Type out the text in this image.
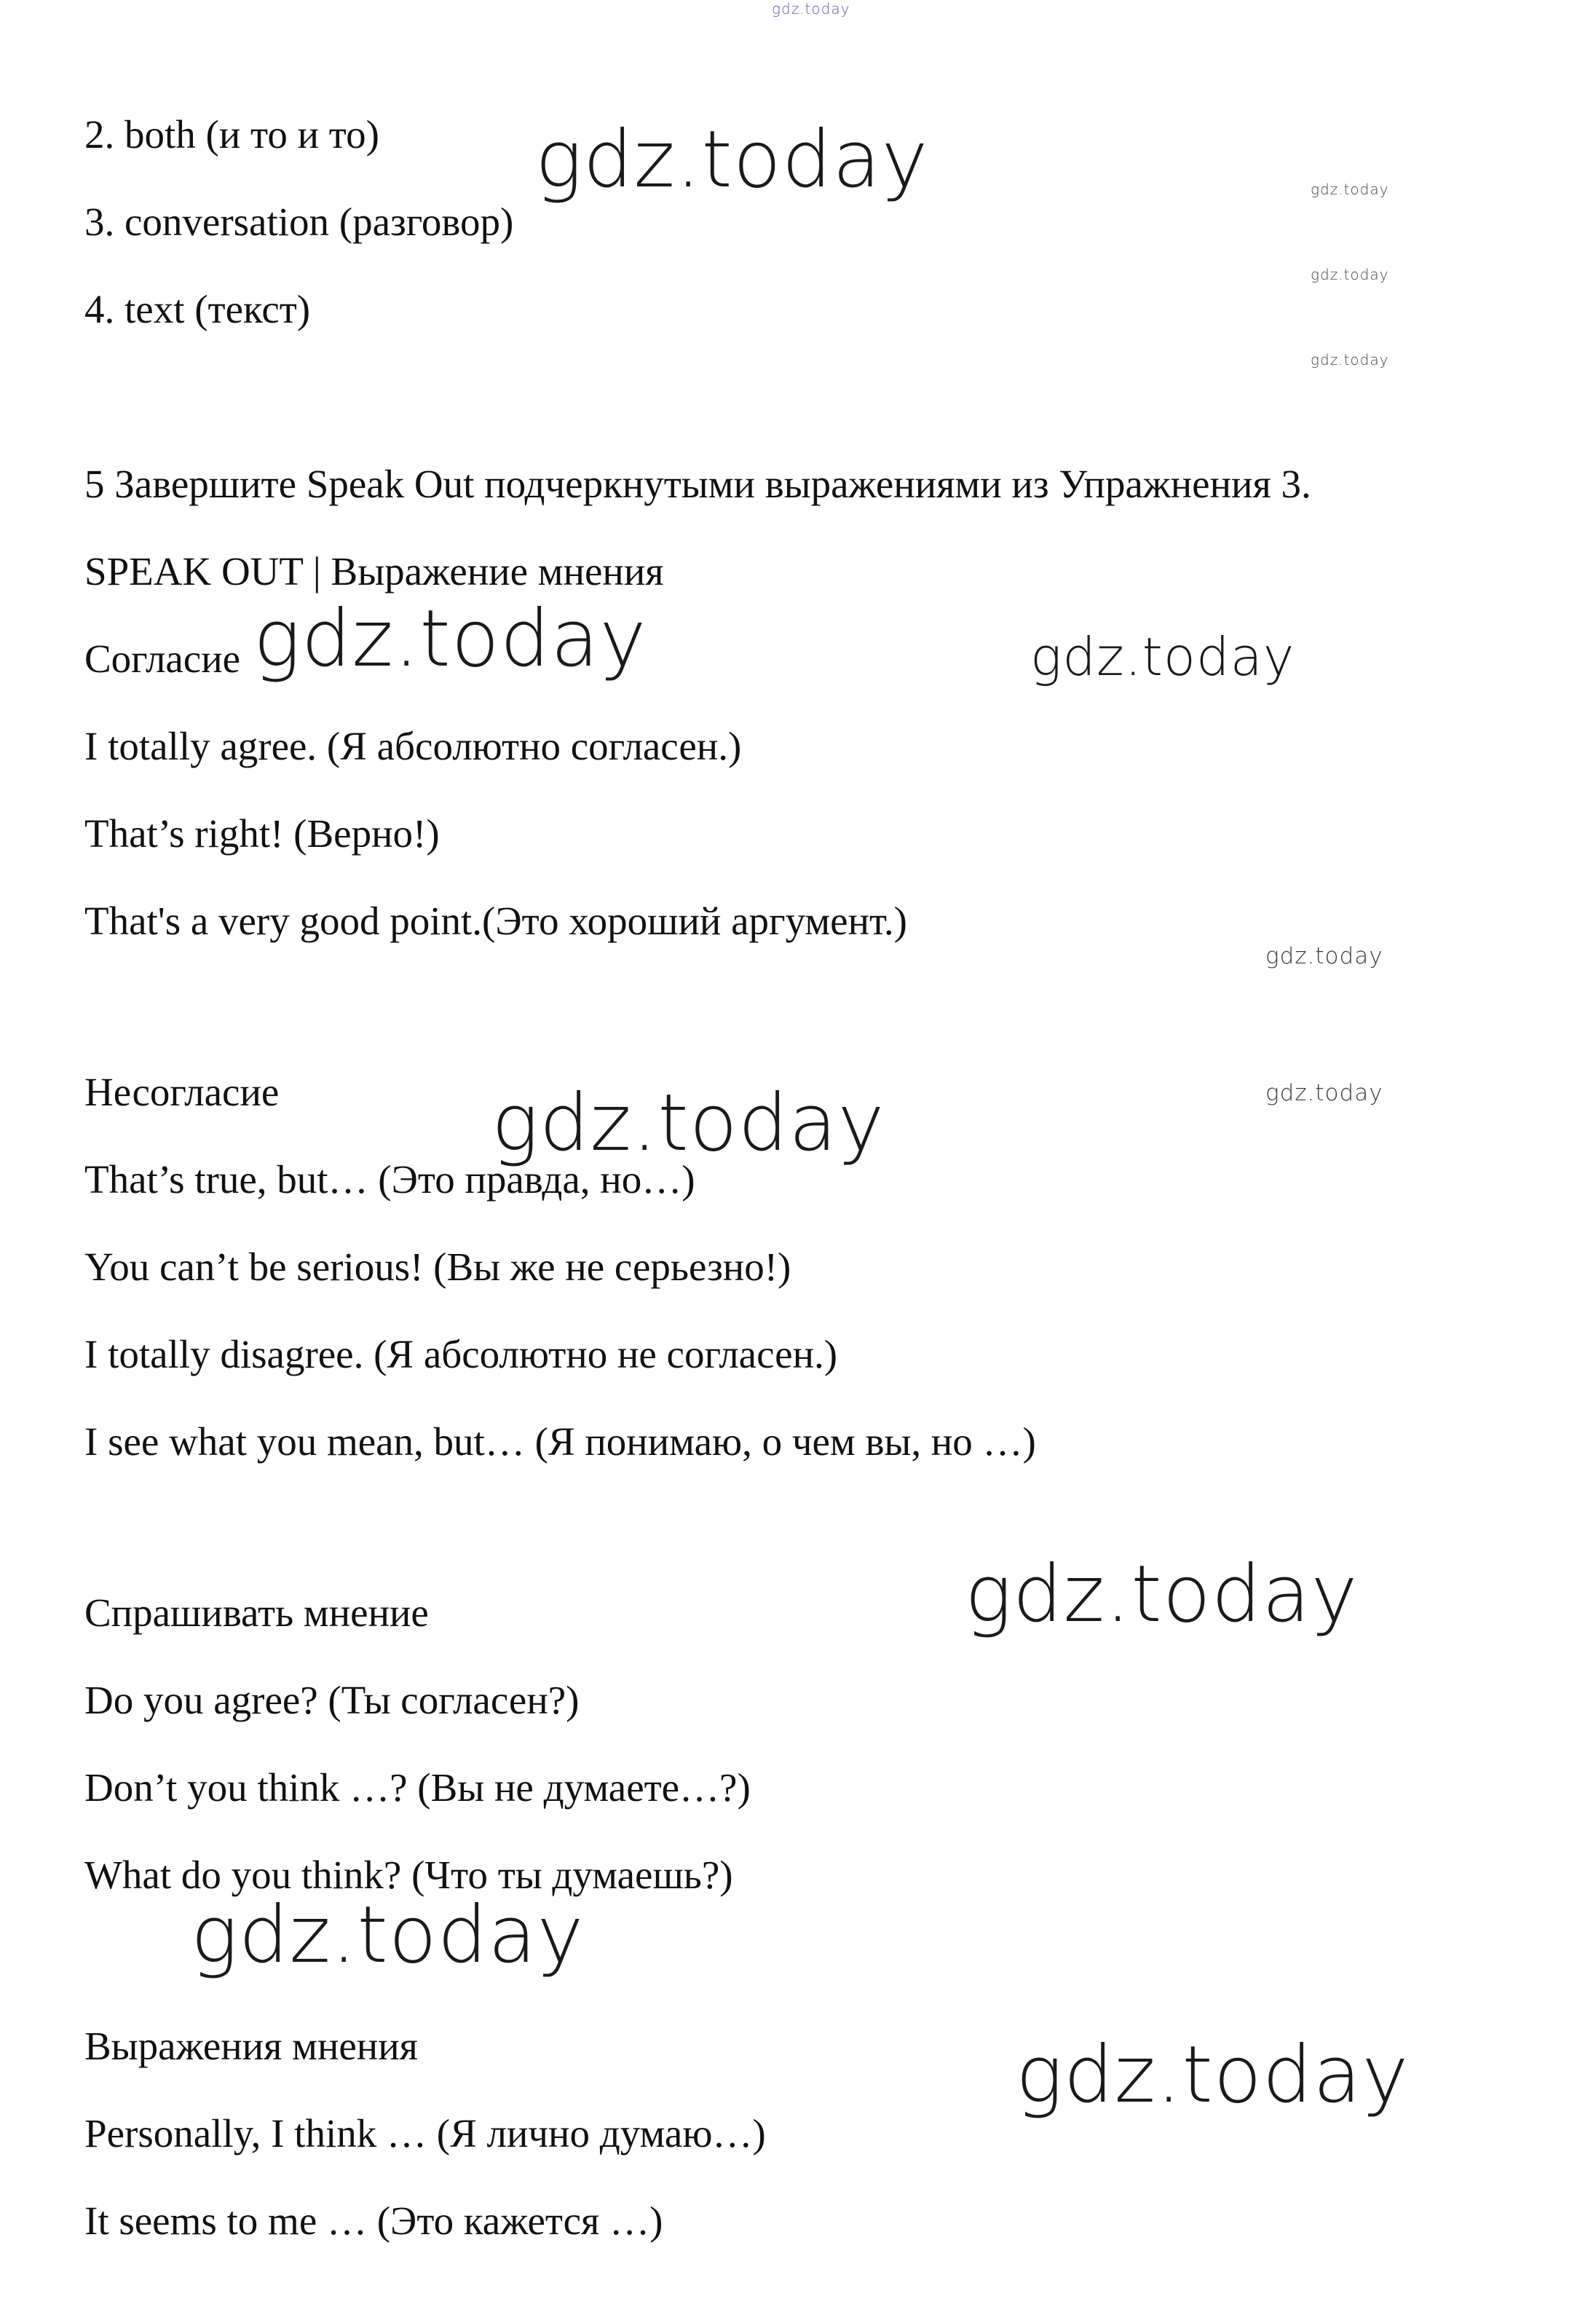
2. both (и то и то)
3. conversation (разговор)
4. text (текст)
5 Завершите Speak Out подчеркнутыми выражениями из Упражнения 3.
SPEAK OUT | Выражение мнения
Согласие
I totally agree. (Я абсолютно согласен.)
That’s right! (Верно!)
That's a very good point.(Это хороший аргумент.)
Несогласие
That’s true, but… (Это правда, но…)
You can’t be serious! (Вы же не серьезно!)
I totally disagree. (Я абсолютно не согласен.)
I see what you mean, but… (Я понимаю, о чем вы, но …)
Спрашивать мнение
Do you agree? (Ты согласен?)
Don’t you think …? (Вы не думаете…?)
What do you think? (Что ты думаешь?)
Выражения мнения
Personally, I think … (Я лично думаю…)
It seems to me … (Это кажется …)
gdz.today
gdz.today	gdz.today
gdz.today
gdz.today
gdz.today	gdz.today
gdz.today
gdz.today
gdz.today
gdz.today
gdz.today
gdz.today
